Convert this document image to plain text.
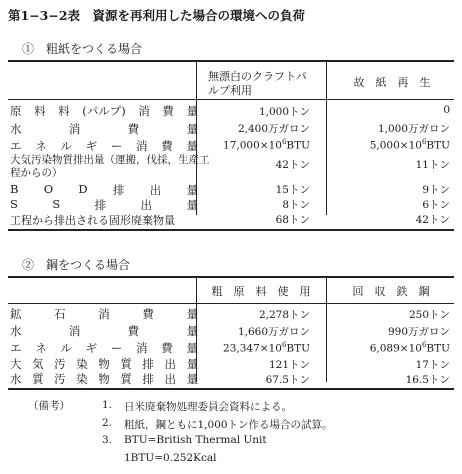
第1−3−2表　資源を再利用した場合の環境への負荷
①　粗紙をつくる場合
無漂白のクラフトパ
ルプ利用
故　紙　再　生
原 料 料 (パルプ) 消 費 量	1,000トン	0
水	消	費	量	2,400万ガロン	1,000万ガロン
エ ネ ル ギ ー 消 費 量 $17,000\times 10^6BTU$	$5,000\times 10^6BTU$
大気汚染物質排出量（運搬，伐採，生産工程からの）
42トン	11トン
B O D 排 出 量	15トン	9トン
S	S	排	出	量	8トン	6トン
工程から排出される固形廃棄物量	68トン	42トン
②　鋼をつくる場合
粗　原　料　使　用	回　収　鉄　鋼
鉱	石	消	費	量	2,278トン	250トン
水	消	費	量	1,660万ガロン	990万ガロン
エ ネ ル ギ ー 消 費 量 $23,347\times 10^6BTU$	$6,089\times 10^6BTU$
大 気 汚 染 物 質 排 出 量	121トン	17トン
水 質 汚 染 物 質 排 出 量	67.5トン	16.5トン
（備考）	1. 日米廃棄物処理委員会資料による。
2. 粗紙，鋼ともに1,000トン作る場合の試算。
3. BTU=British Thermal Unit
1BTU=0.252Kcal
